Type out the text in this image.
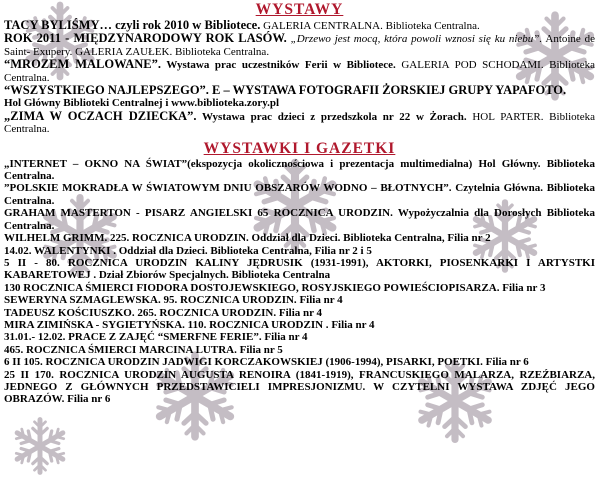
WYSTAWY

TACY BYLIŚMY… czyli rok 2010 w Bibliotece. GALERIA CENTRALNA. Biblioteka Centralna.

ROK 2011 - MIĘDZYNARODOWY ROK LASÓW. „Drzewo jest mocą, która powoli wznosi się ku niebu”. Antoine de Saint- Exupery. GALERIA ZAUŁEK. Biblioteka Centralna.

“MROZEM MALOWANE”. Wystawa prac uczestników Ferii w Bibliotece. GALERIA POD SCHODAMI. Biblioteka Centralna.

“WSZYSTKIEGO NAJLEPSZEGO”. E – WYSTAWA FOTOGRAFII ŻORSKIEJ GRUPY YAPAFOTO.

Hol Główny Biblioteki Centralnej i www.biblioteka.zory.pl

„ZIMA W OCZACH DZIECKA”. Wystawa prac dzieci z przedszkola nr 22 w Żorach. HOL PARTER. Biblioteka Centralna.

WYSTAWKI I GAZETKI

„INTERNET – OKNO NA ŚWIAT”(ekspozycja okolicznościowa i prezentacja multimedialna) Hol Główny. Biblioteka Centralna.

”POLSKIE MOKRADŁA W ŚWIATOWYM DNIU OBSZARÓW WODNO – BŁOTNYCH”. Czytelnia Główna. Biblioteka Centralna.

GRAHAM MASTERTON - PISARZ ANGIELSKI 65 ROCZNICA URODZIN. Wypożyczalnia dla Dorosłych Biblioteka Centralna.

WILHELM GRIMM. 225. ROCZNICA URODZIN. Oddział dla Dzieci. Biblioteka Centralna, Filia nr 2

14.02. WALENTYNKI . Oddział dla Dzieci. Biblioteka Centralna, Filia nr 2 i 5

5 II - 80. ROCZNICA URODZIN KALINY JĘDRUSIK (1931-1991), AKTORKI, PIOSENKARKI I ARTYSTKI KABARETOWEJ . Dział Zbiorów Specjalnych. Biblioteka Centralna

130 ROCZNICA ŚMIERCI FIODORA DOSTOJEWSKIEGO, ROSYJSKIEGO POWIEŚCIOPISARZA. Filia nr 3

SEWERYNA SZMAGLEWSKA. 95. ROCZNICA URODZIN. Filia nr 4

TADEUSZ KOŚCIUSZKO. 265. ROCZNICA URODZIN. Filia nr 4

MIRA ZIMIŃSKA - SYGIETYŃSKA. 110. ROCZNICA URODZIN . Filia nr 4

31.01.- 12.02. PRACE Z ZAJĘĆ “SMERFNE FERIE”. Filia nr 4

465. ROCZNICA ŚMIERCI MARCINA LUTRA. Filia nr 5

6 II 105. ROCZNICA URODZIN JADWIGI KORCZAKOWSKIEJ (1906-1994), PISARKI, POETKI. Filia nr 6

25 II 170. ROCZNICA URODZIN AUGUSTA RENOIRA (1841-1919), FRANCUSKIEGO MALARZA, RZEŹBIARZA, JEDNEGO Z GŁÓWNYCH PRZEDSTAWICIELI IMPRESJONIZMU. W CZYTELNI WYSTAWA ZDJĘĆ JEGO OBRAZÓW. Filia nr 6
